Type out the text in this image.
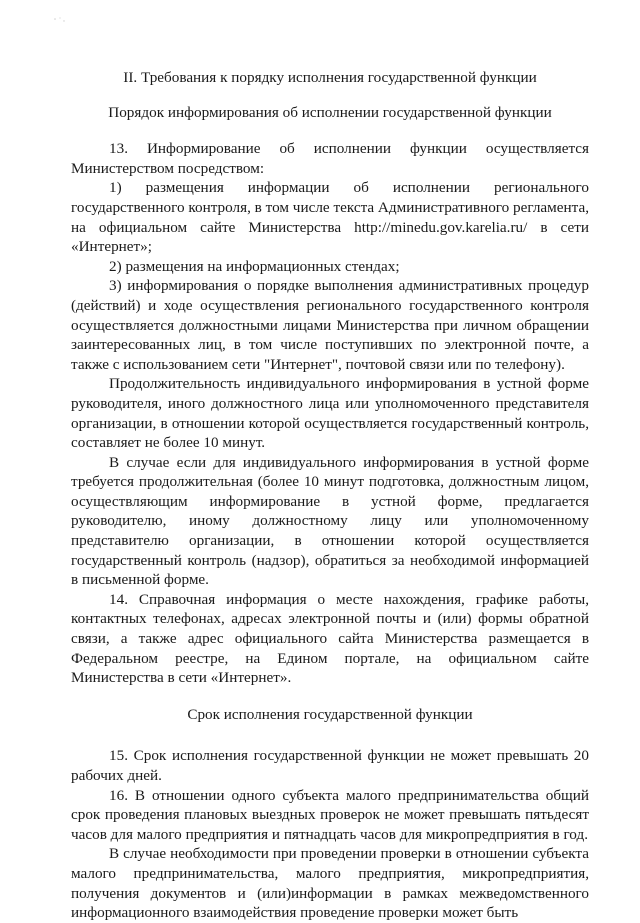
II. Требования к порядку исполнения государственной функции

Порядок информирования об исполнении государственной функции

13. Информирование об исполнении функции осуществляется Министерством посредством:

1) размещения информации об исполнении регионального государственного контроля, в том числе текста Административного регламента, на официальном сайте Министерства http://minedu.gov.karelia.ru/ в сети «Интернет»;

2) размещения на информационных стендах;

3) информирования о порядке выполнения административных процедур (действий) и ходе осуществления регионального государственного контроля осуществляется должностными лицами Министерства при личном обращении заинтересованных лиц, в том числе поступивших по электронной почте, а также с использованием сети "Интернет", почтовой связи или по телефону).

Продолжительность индивидуального информирования в устной форме руководителя, иного должностного лица или уполномоченного представителя организации, в отношении которой осуществляется государственный контроль, составляет не более 10 минут.

В случае если для индивидуального информирования в устной форме требуется продолжительная (более 10 минут подготовка, должностным лицом, осуществляющим информирование в устной форме, предлагается руководителю, иному должностному лицу или уполномоченному представителю организации, в отношении которой осуществляется государственный контроль (надзор), обратиться за необходимой информацией в письменной форме.

14. Справочная информация о месте нахождения, графике работы, контактных телефонах, адресах электронной почты и (или) формы обратной связи, а также адрес официального сайта Министерства размещается в Федеральном реестре, на Едином портале, на официальном сайте Министерства в сети «Интернет».

Срок исполнения государственной функции

15. Срок исполнения государственной функции не может превышать 20 рабочих дней.

16. В отношении одного субъекта малого предпринимательства общий срок проведения плановых выездных проверок не может превышать пятьдесят часов для малого предприятия и пятнадцать часов для микропредприятия в год.

В случае необходимости при проведении проверки в отношении субъекта малого предпринимательства, малого предприятия, микропредприятия, получения документов и (или)информации в рамках межведомственного информационного взаимодействия проведение проверки может быть
